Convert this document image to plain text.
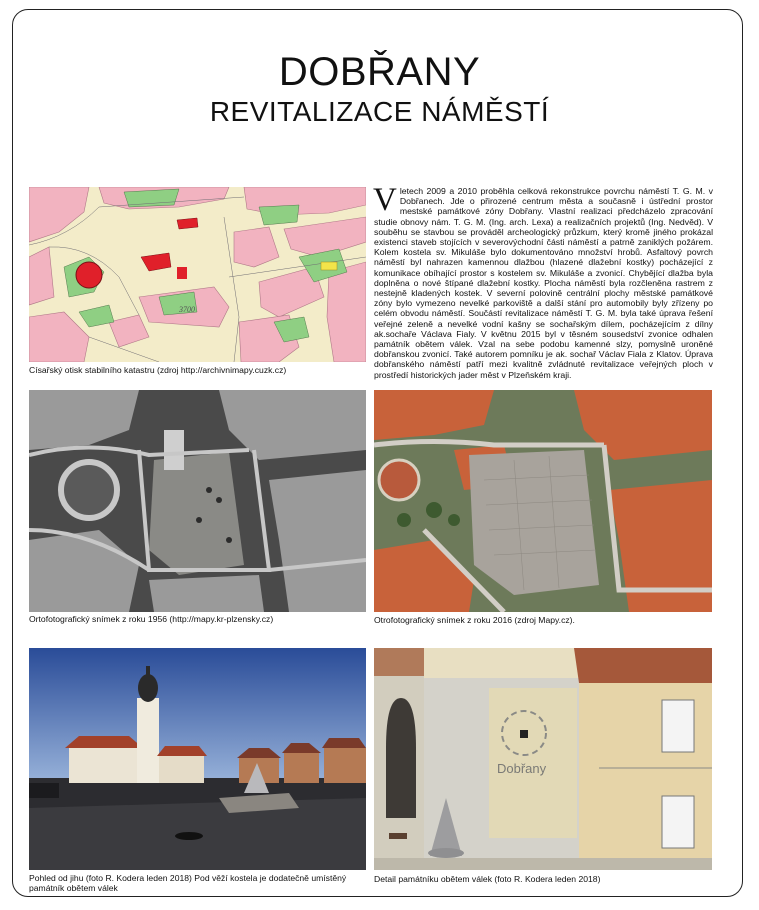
DOBŘANY
REVITALIZACE NÁMĚSTÍ
3700
Císařský otisk stabilního katastru (zdroj http://archivnimapy.cuzk.cz)
Vletech 2009 a 2010 proběhla celková rekonstrukce povrchu náměstí T. G. M. v Dobřanech. Jde o přirozené centrum města a současně i ústřední prostor mestské památkové zóny Dobřany. Vlastní realizaci předcházelo zpracování studie obnovy nám. T. G. M. (Ing. arch. Lexa) a realizačních projektů (Ing. Nedvěd). V souběhu se stavbou se prováděl archeologický průzkum, který kromě jiného prokázal existenci staveb stojících v severovýchodní části náměstí a patrně zaniklých požárem. Kolem kostela sv. Mikuláše bylo dokumentováno množství hrobů. Asfaltový povrch náměstí byl nahrazen kamennou dlažbou (hlazené dlažební kostky) pocházející z komunikace obíhající prostor s kostelem sv. Mikuláše a zvonicí. Chybějící dlažba byla doplněna o nové štípané dlažební kostky. Plocha náměstí byla rozčleněna rastrem z nestejně kladených kostek. V severní polovině centrální plochy městské památkové zóny bylo vymezeno nevelké parkoviště a další stání pro automobily byly zřízeny po celém obvodu náměstí. Součástí revitalizace náměstí T. G. M. byla také úprava řešení veřejné zeleně a nevelké vodní kašny se sochařským dílem, pocházejícím z dílny ak.sochaře Václava Fialy. V květnu 2015 byl v těsném sousedství zvonice odhalen památník obětem válek. Vzal na sebe podobu kamenné slzy, pomyslně uroněné dobřanskou zvonicí. Také autorem pomníku je ak. sochař Václav Fiala z Klatov. Úprava dobřanského náměstí patří mezi kvalitně zvládnuté revitalizace veřejných ploch v prostředí historických jader měst v Plzeňském kraji.
Ortofotografický snímek z roku 1956 (http://mapy.kr-plzensky.cz)	Otrofotografický snímek z roku 2016 (zdroj Mapy.cz).
Pohled od jihu (foto R. Kodera leden 2018) Pod věží kostela je dodatečně umístěný památník obětem válek
Dobřany
Detail památníku obětem válek (foto R. Kodera leden 2018)
